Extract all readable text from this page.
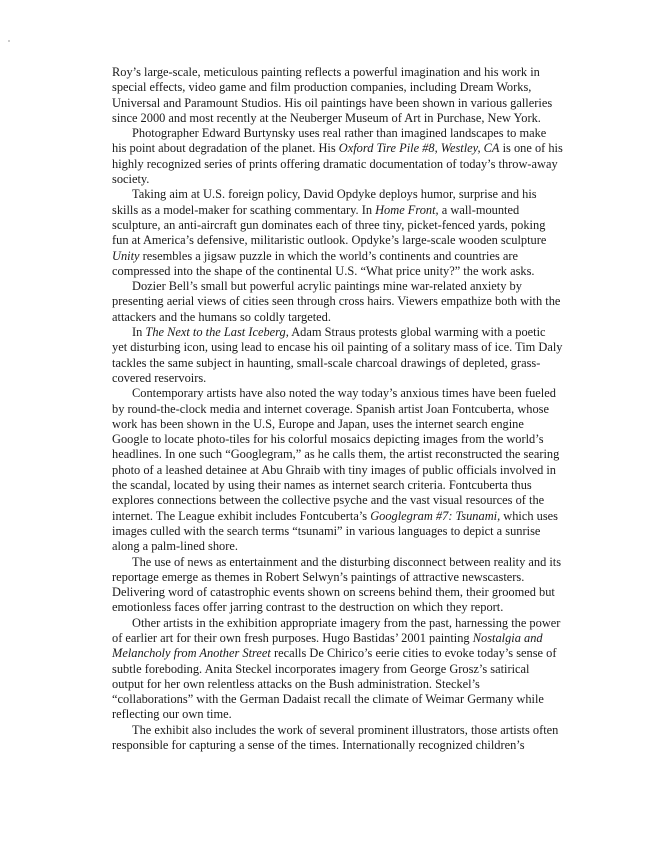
Roy’s large-scale, meticulous painting reflects a powerful imagination and his work in special effects, video game and film production companies, including Dream Works, Universal and Paramount Studios. His oil paintings have been shown in various galleries since 2000 and most recently at the Neuberger Museum of Art in Purchase, New York.

Photographer Edward Burtynsky uses real rather than imagined landscapes to make his point about degradation of the planet. His Oxford Tire Pile #8, Westley, CA is one of his highly recognized series of prints offering dramatic documentation of today’s throw-away society.

Taking aim at U.S. foreign policy, David Opdyke deploys humor, surprise and his skills as a model-maker for scathing commentary. In Home Front, a wall-mounted sculpture, an anti-aircraft gun dominates each of three tiny, picket-fenced yards, poking fun at America’s defensive, militaristic outlook. Opdyke’s large-scale wooden sculpture Unity resembles a jigsaw puzzle in which the world’s continents and countries are compressed into the shape of the continental U.S. “What price unity?” the work asks.

Dozier Bell’s small but powerful acrylic paintings mine war-related anxiety by presenting aerial views of cities seen through cross hairs. Viewers empathize both with the attackers and the humans so coldly targeted.

In The Next to the Last Iceberg, Adam Straus protests global warming with a poetic yet disturbing icon, using lead to encase his oil painting of a solitary mass of ice. Tim Daly tackles the same subject in haunting, small-scale charcoal drawings of depleted, grass-covered reservoirs.

Contemporary artists have also noted the way today’s anxious times have been fueled by round-the-clock media and internet coverage. Spanish artist Joan Fontcuberta, whose work has been shown in the U.S, Europe and Japan, uses the internet search engine Google to locate photo-tiles for his colorful mosaics depicting images from the world’s headlines. In one such “Googlegram,” as he calls them, the artist reconstructed the searing photo of a leashed detainee at Abu Ghraib with tiny images of public officials involved in the scandal, located by using their names as internet search criteria. Fontcuberta thus explores connections between the collective psyche and the vast visual resources of the internet. The League exhibit includes Fontcuberta’s Googlegram #7: Tsunami, which uses images culled with the search terms “tsunami” in various languages to depict a sunrise along a palm-lined shore.

The use of news as entertainment and the disturbing disconnect between reality and its reportage emerge as themes in Robert Selwyn’s paintings of attractive newscasters. Delivering word of catastrophic events shown on screens behind them, their groomed but emotionless faces offer jarring contrast to the destruction on which they report.

Other artists in the exhibition appropriate imagery from the past, harnessing the power of earlier art for their own fresh purposes. Hugo Bastidas’ 2001 painting Nostalgia and Melancholy from Another Street recalls De Chirico’s eerie cities to evoke today’s sense of subtle foreboding. Anita Steckel incorporates imagery from George Grosz’s satirical output for her own relentless attacks on the Bush administration. Steckel’s “collaborations” with the German Dadaist recall the climate of Weimar Germany while reflecting our own time.

The exhibit also includes the work of several prominent illustrators, those artists often responsible for capturing a sense of the times. Internationally recognized children’s
